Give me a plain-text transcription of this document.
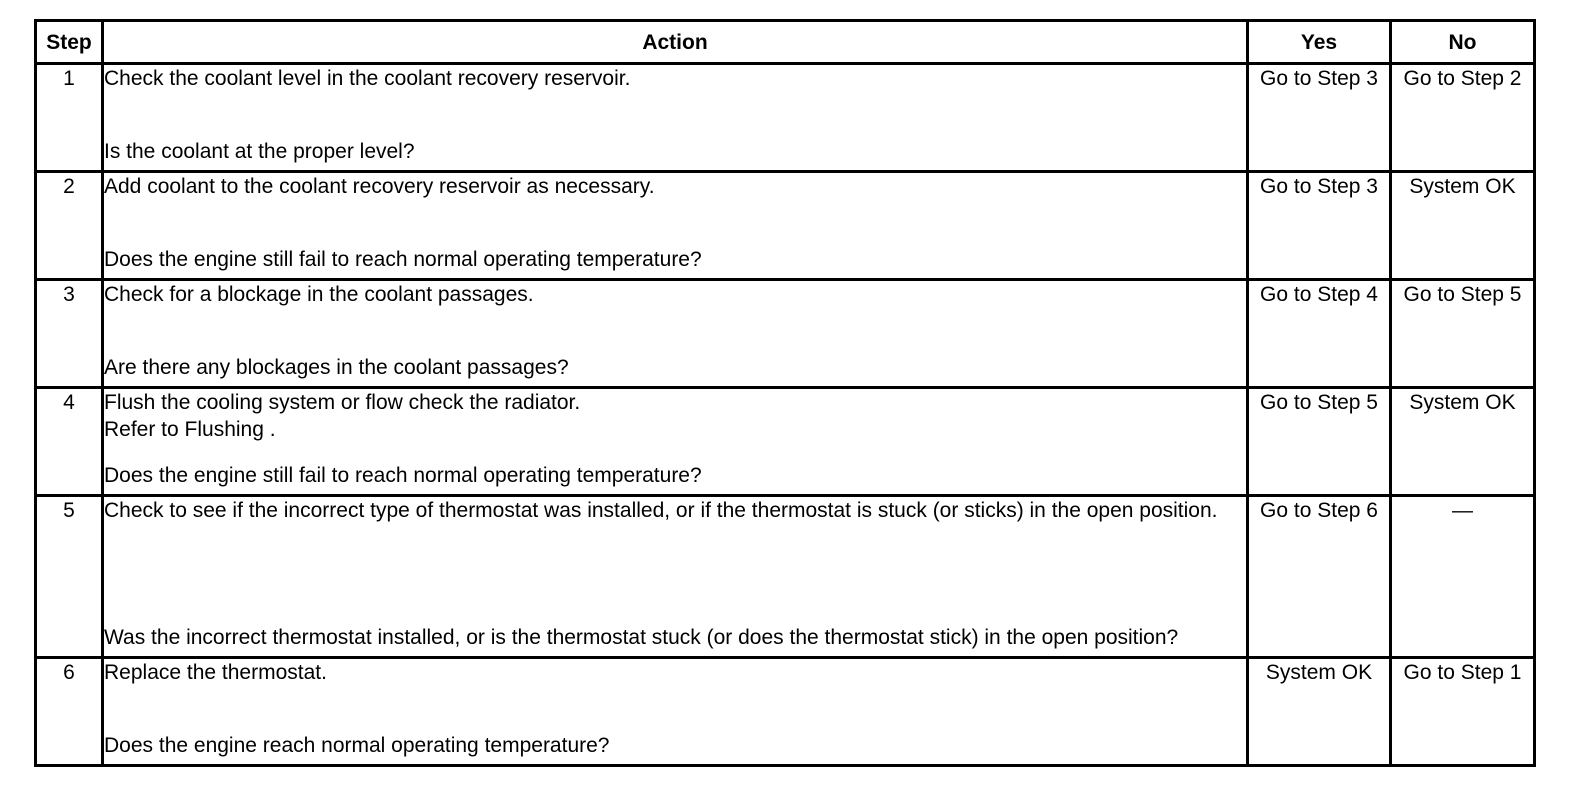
Step	Action	Yes	No
1	Check the coolant level in the coolant recovery reservoir.
Is the coolant at the proper level?	Go to Step 3	Go to Step 2

2	Add coolant to the coolant recovery reservoir as necessary.
Does the engine still fail to reach normal operating temperature?	Go to Step 3	System OK

3	Check for a blockage in the coolant passages.
Are there any blockages in the coolant passages?	Go to Step 4	Go to Step 5

4	Flush the cooling system or flow check the radiator.
Refer to Flushing .
Does the engine still fail to reach normal operating temperature?	Go to Step 5	System OK

5	Check to see if the incorrect type of thermostat was installed, or if the thermostat is stuck (or sticks) in the open position.
Was the incorrect thermostat installed, or is the thermostat stuck (or does the thermostat stick) in the open position?	Go to Step 6	—

6	Replace the thermostat.
Does the engine reach normal operating temperature?	System OK	Go to Step 1
